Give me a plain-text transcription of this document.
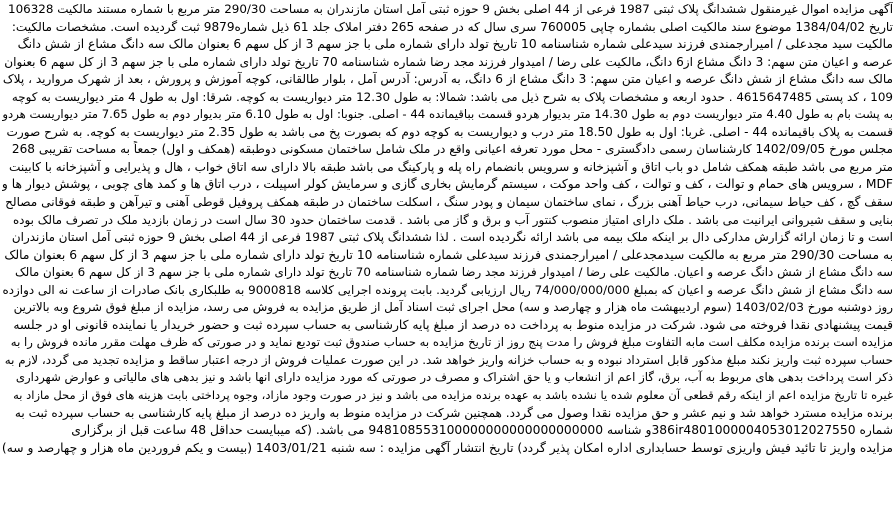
آگهی مزایده اموال غیرمنقول ششدانگ پلاک ثبتی 1987 فرعی از 44 اصلی بخش 9 حوزه ثبتی آمل استان مازندران به مساحت 290/30 متر مربع با شماره مستند مالکیت 106328
تاریخ 1384/04/02 موضوع سند مالکیت اصلی بشماره چاپی 760005 سری سال که در صفحه 265 دفتر املاک جلد 61 ذیل شماره9879 ثبت گردیده است. مشخصات مالکیت:
مالکیت سید مجدعلی / امیرارجمندی فرزند سیدعلی شماره شناسنامه 10 تاریخ تولد دارای شماره ملی با جز سهم 3 از کل سهم 6 بعنوان مالک سه دانگ مشاع از شش دانگ
عرصه و اعیان متن سهم: 3 دانگ مشاع از6 دانگ، مالکیت علی رضا / امیدوار فرزند مجد رضا شماره شناسنامه 70 تاریخ تولد دارای شماره ملی با جز سهم 3 از کل سهم 6 بعنوان
مالک سه دانگ مشاع از شش دانگ عرصه و اعیان متن سهم: 3 دانگ مشاع از 6 دانگ، به آدرس: آدرس آمل ، بلوار طالقانی، کوچه آموزش و پرورش ، بعد از شهرک مروارید ، پلاک
109 ، کد پستی 4615647485 . حدود اربعه و مشخصات پلاک به شرح ذیل می باشد: شمالا: به طول 12.30 متر دیواریست به کوچه. شرقا: اول به طول 4 متر دیواریست به کوچه
به پشت بام به طول 4.40 متر دیواریست دوم به طول 14.30 متر بدیوار هردو قسمت بباقیمانده 44 - اصلی. جنوبا: اول به طول 6.10 متر بدیوار دوم به طول 7.65 متر دیواریست هردو
قسمت به پلاک باقیمانده 44 - اصلی. غربا: اول به طول 18.50 متر درب و دیواریست به کوچه دوم که بصورت پخ می باشد به طول 2.35 متر دیواریست به کوچه. به شرح صورت
مجلس مورخ 1402/09/05 کارشناسان رسمی دادگستری - محل مورد تعرفه اعیانی واقع در ملک شامل ساختمان مسکونی دوطبقه (همکف و اول) جمعاً به مساحت تقریبی 268
متر مربع می باشد طبقه همکف شامل دو باب اتاق و آشپزخانه و سرویس بانضمام راه پله و پارکینگ می باشد طبقه بالا دارای سه اتاق خواب ، هال و پذیرایی و آشپزخانه با کابینت
MDF ، سرویس های حمام و توالت ، کف و توالت ، کف واحد موکت ، سیستم گرمایش بخاری گازی و سرمایش کولر اسپیلت ، درب اتاق ها و کمد های چوبی ، پوشش دیوار ها و
سقف گچ ، کف حیاط سیمانی، درب حیاط آهنی بزرگ ، نمای ساختمان سیمان و پودر سنگ ، اسکلت ساختمان در طبقه همکف پروفیل قوطی آهنی و تیرآهن و طبقه فوقانی مصالح
بنایی و سقف شیروانی ایرانیت می باشد . ملک دارای امتیاز منصوب کنتور آب و برق و گاز می باشد . قدمت ساختمان حدود 30 سال است در زمان بازدید ملک در تصرف مالک بوده
است و تا زمان ارائه گزارش مدارکی دال بر اینکه ملک بیمه می باشد ارائه نگردیده است . لذا ششدانگ پلاک ثبتی 1987 فرعی از 44 اصلی بخش 9 حوزه ثبتی آمل استان مازندران
به مساحت 290/30 متر مربع به مالکیت سیدمجدعلی / امیرارجمندی فرزند سیدعلی شماره شناسنامه 10 تاریخ تولد دارای شماره ملی با جز سهم 3 از کل سهم 6 بعنوان مالک
سه دانگ مشاع از شش دانگ عرصه و اعیان. مالکیت علی رضا / امیدوار فرزند مجد رضا شماره شناسنامه 70 تاریخ تولد دارای شماره ملی با جز سهم 3 از کل سهم 6 بعنوان مالک
سه دانگ مشاع از شش دانگ عرصه و اعیان که بمبلغ 74/000/000/000 ریال ارزیابی گردید. بابت پرونده اجرایی کلاسه 9000818 به طلبکاری بانک صادرات از ساعت نه الی دوازده
روز دوشنبه مورخ 1403/02/03 (سوم اردیبهشت ماه هزار و چهارصد و سه) محل اجرای ثبت اسناد آمل از طریق مزایده به فروش می رسد، مزایده از مبلغ فوق شروع وبه بالاترین
قیمت پیشنهادی نقدا فروخته می شود. شرکت در مزایده منوط به پرداخت ده درصد از مبلغ پایه کارشناسی به حساب سپرده ثبت و حضور خریدار یا نماینده قانونی او در جلسه
مزایده است برنده مزایده مکلف است مابه التفاوت مبلغ فروش را مدت پنج روز از تاریخ مزایده به حساب صندوق ثبت تودیع نماید و در صورتی که ظرف مهلت مقرر مانده فروش را به
حساب سپرده ثبت واریز نکند مبلغ مذکور قابل استرداد نبوده و به حساب خزانه واریز خواهد شد. در این صورت عملیات فروش از درجه اعتبار ساقط و مزایده تجدید می گردد، لازم به
ذکر است پرداخت بدهی های مربوط به آب، برق، گاز اعم از انشعاب و یا حق اشتراک و مصرف در صورتی که مورد مزایده دارای انها باشد و نیز بدهی های مالیاتی و عوارض شهرداری
غیره تا تاریخ مزایده اعم از اینکه رقم قطعی آن معلوم شده یا نشده باشد به عهده برنده مزایده می باشد و نیز در صورت وجود مازاد، وجوه پرداختی بابت هزینه های فوق از محل مازاد به
برنده مزایده مسترد خواهد شد و نیم عشر و حق مزایده نقدا وصول می گردد. همچنین شرکت در مزایده منوط به واریز ده درصد از مبلغ پایه کارشناسی به حساب سپرده ثبت به
شماره 386ir4801000004053012027550و شناسه 948108553100000000000000000000 می باشد. (که میبایست حداقل 48 ساعت قبل از برگزاری
مزایده واریز تا تائید فیش واریزی توسط حسابداری اداره امکان پذیر گردد) تاریخ انتشار آگهی مزایده : سه شنبه 1403/01/21 (بیست و یکم فروردین ماه هزار و چهارصد و سه)
